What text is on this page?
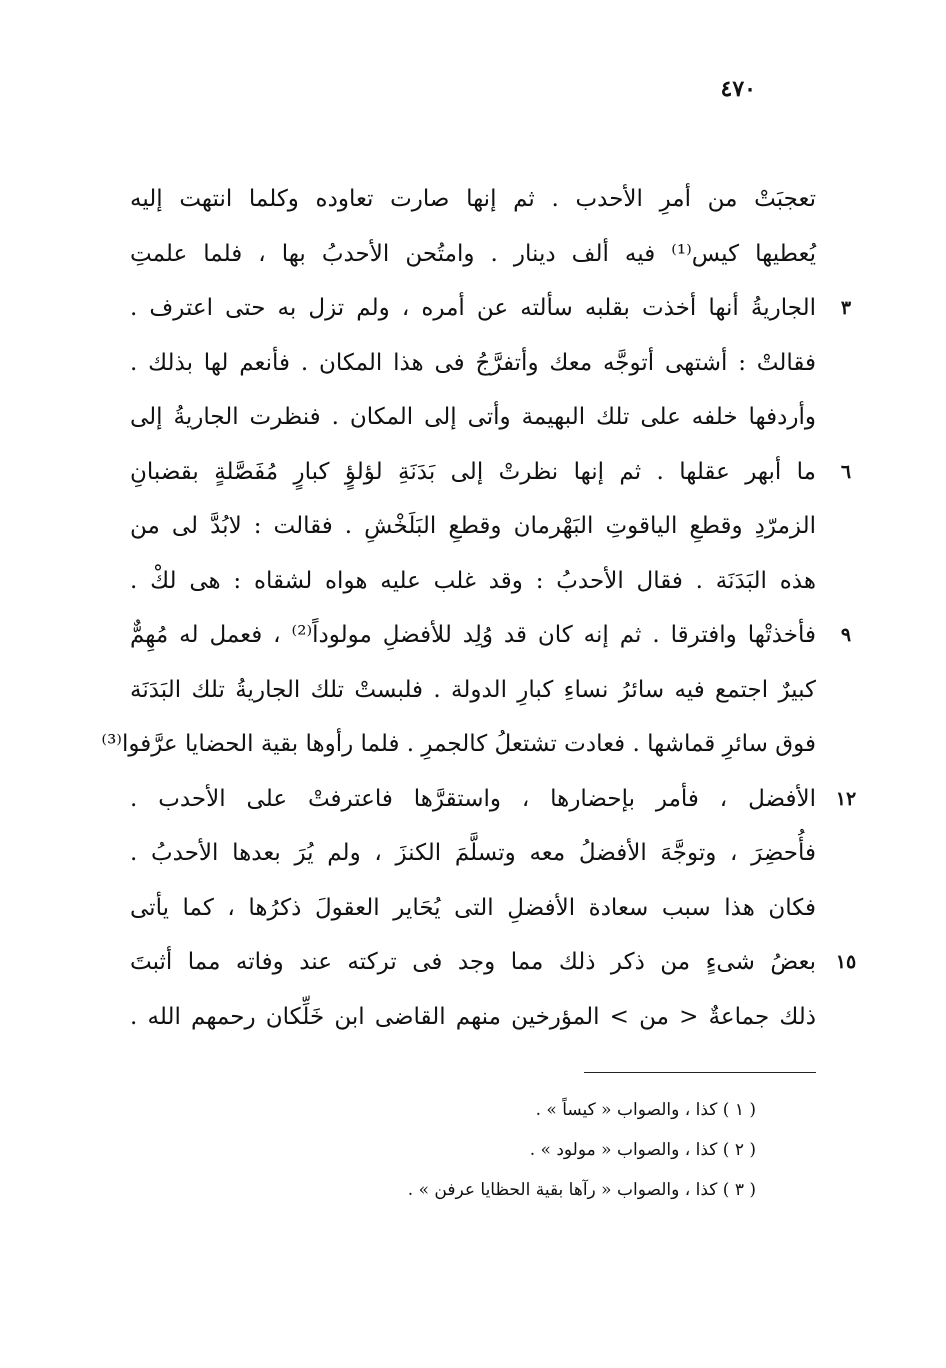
٤٧٠
تعجبَتْ من أمرِ الأحدب . ثم إنها صارت تعاوده وكلما انتهت إليه
يُعطيها كيس⁽¹⁾ فيه ألف دينار . وامتُحن الأحدبُ بها ، فلما علمتِ
٣
الجاريةُ أنها أخذت بقلبه سألته عن أمره ، ولم تزل به حتى اعترف .
فقالتْ : أشتهى أتوجَّه معك وأتفرَّجُ فى هذا المكان . فأنعم لها بذلك .
وأردفها خلفه على تلك البهيمة وأتى إلى المكان . فنظرت الجاريةُ إلى
٦
ما أبهر عقلها . ثم إنها نظرتْ إلى بَدَنَةِ لؤلؤٍ كبارٍ مُفَصَّلةٍ بقضبانِ
الزمرّدِ وقطعِ الياقوتِ البَهْرمان وقطعِ البَلَخْشِ . فقالت : لابُدَّ لى من
هذه البَدَنَة . فقال الأحدبُ : وقد غلب عليه هواه لشقاه : هى لكْ .
٩
فأخذتْها وافترقا . ثم إنه كان قد وُلِد للأفضلِ مولوداً⁽²⁾ ، فعمل له مُهِمٌّ
كبيرٌ اجتمع فيه سائرُ نساءِ كبارِ الدولة . فلبستْ تلك الجاريةُ تلك البَدَنَة
فوق سائرِ قماشها . فعادت تشتعلُ كالجمرِ . فلما رأوها بقية الحضايا عرَّفوا⁽³⁾
١٢
الأفضل ، فأمر بإحضارها ، واستقرَّها فاعترفتْ على الأحدب .
فأُحضِرَ ، وتوجَّهَ الأفضلُ معه وتسلَّمَ الكنزَ ، ولم يُرَ بعدها الأحدبُ .
فكان هذا سبب سعادة الأفضلِ التى يُحَاير العقولَ ذكرُها ، كما يأتى
١٥
بعضُ شىءٍ من ذكر ذلك مما وجد فى تركته عند وفاته مما أثبتَ
ذلك جماعةٌ < من > المؤرخين منهم القاضى ابن خَلِّكان رحمهم الله .
( ١ ) كذا ، والصواب « كيساً » .
( ٢ ) كذا ، والصواب « مولود » .
( ٣ ) كذا ، والصواب « رآها بقية الحظايا عرفن » .
